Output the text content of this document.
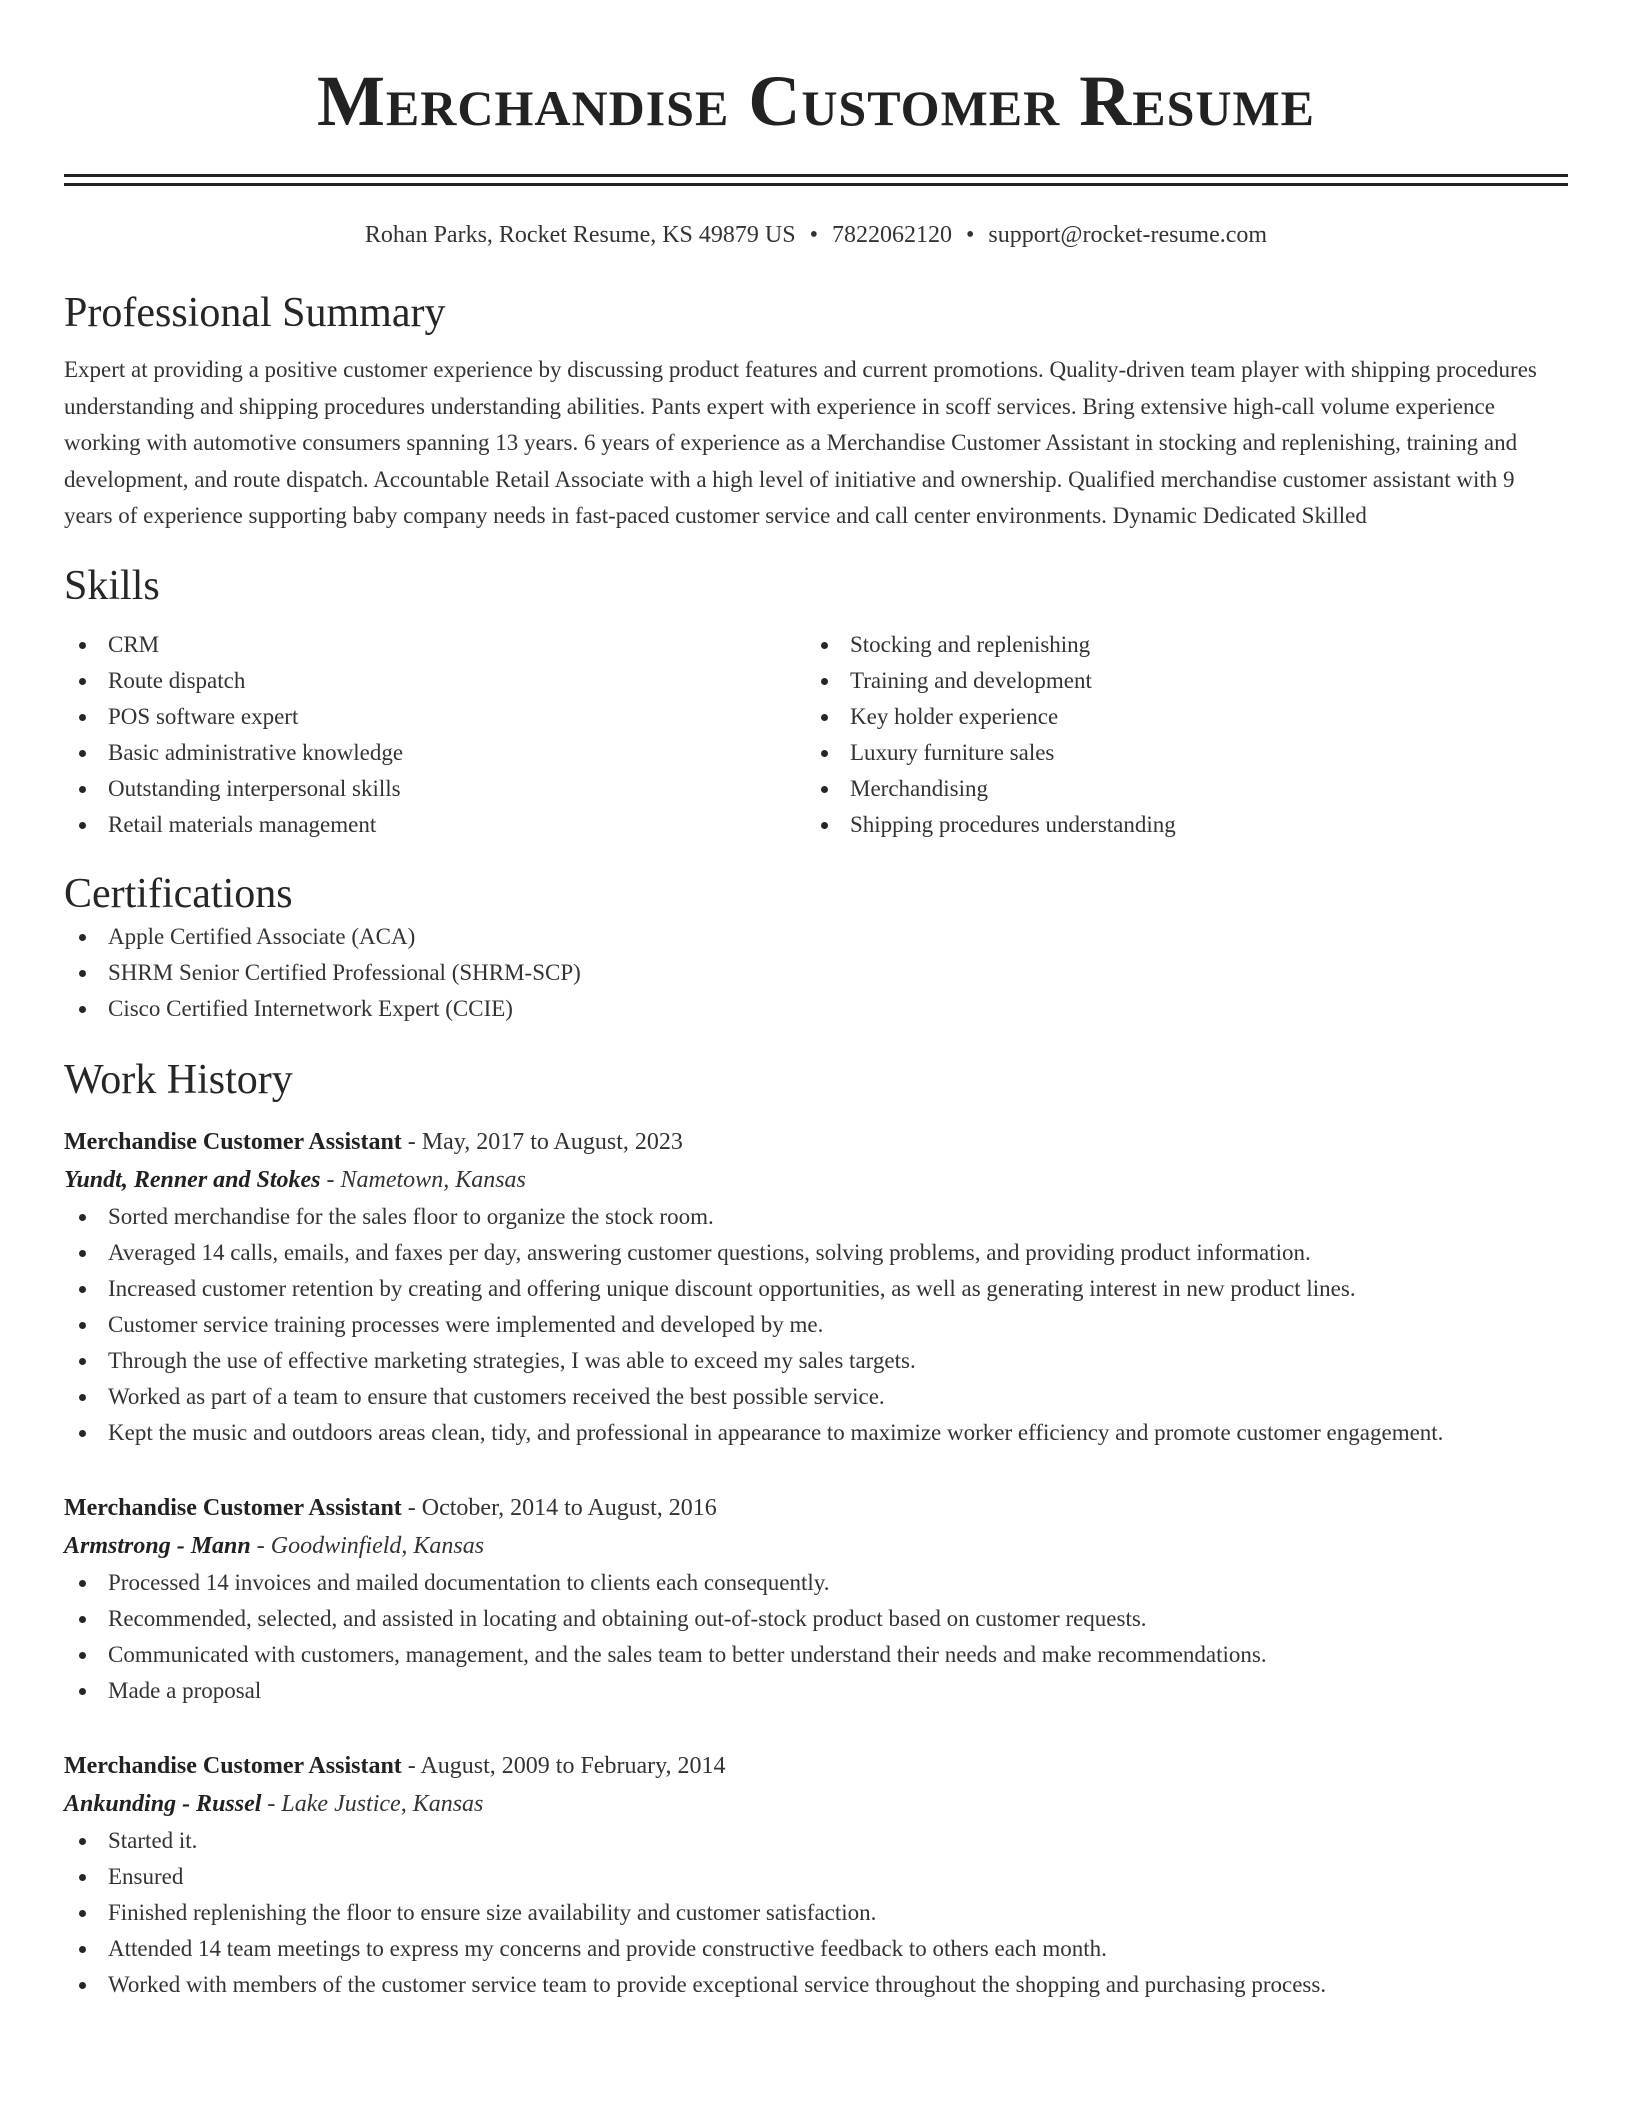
Merchandise Customer Resume
Rohan Parks, Rocket Resume, KS 49879 US • 7822062120 • support@rocket-resume.com
Professional Summary

Expert at providing a positive customer experience by discussing product features and current promotions. Quality-driven team player with shipping procedures understanding and shipping procedures understanding abilities. Pants expert with experience in scoff services. Bring extensive high-call volume experience working with automotive consumers spanning 13 years. 6 years of experience as a Merchandise Customer Assistant in stocking and replenishing, training and development, and route dispatch. Accountable Retail Associate with a high level of initiative and ownership. Qualified merchandise customer assistant with 9 years of experience supporting baby company needs in fast-paced customer service and call center environments. Dynamic Dedicated Skilled

Skills
CRM
Route dispatch
POS software expert
Basic administrative knowledge
Outstanding interpersonal skills
Retail materials management
Stocking and replenishing
Training and development
Key holder experience
Luxury furniture sales
Merchandising
Shipping procedures understanding
Certifications
Apple Certified Associate (ACA)
SHRM Senior Certified Professional (SHRM-SCP)
Cisco Certified Internetwork Expert (CCIE)
Work History
Merchandise Customer Assistant - May, 2017 to August, 2023
Yundt, Renner and Stokes - Nametown, Kansas
Sorted merchandise for the sales floor to organize the stock room.
Averaged 14 calls, emails, and faxes per day, answering customer questions, solving problems, and providing product information.
Increased customer retention by creating and offering unique discount opportunities, as well as generating interest in new product lines.
Customer service training processes were implemented and developed by me.
Through the use of effective marketing strategies, I was able to exceed my sales targets.
Worked as part of a team to ensure that customers received the best possible service.
Kept the music and outdoors areas clean, tidy, and professional in appearance to maximize worker efficiency and promote customer engagement.
Merchandise Customer Assistant - October, 2014 to August, 2016
Armstrong - Mann - Goodwinfield, Kansas
Processed 14 invoices and mailed documentation to clients each consequently.
Recommended, selected, and assisted in locating and obtaining out-of-stock product based on customer requests.
Communicated with customers, management, and the sales team to better understand their needs and make recommendations.
Made a proposal
Merchandise Customer Assistant - August, 2009 to February, 2014
Ankunding - Russel - Lake Justice, Kansas
Started it.
Ensured
Finished replenishing the floor to ensure size availability and customer satisfaction.
Attended 14 team meetings to express my concerns and provide constructive feedback to others each month.
Worked with members of the customer service team to provide exceptional service throughout the shopping and purchasing process.
